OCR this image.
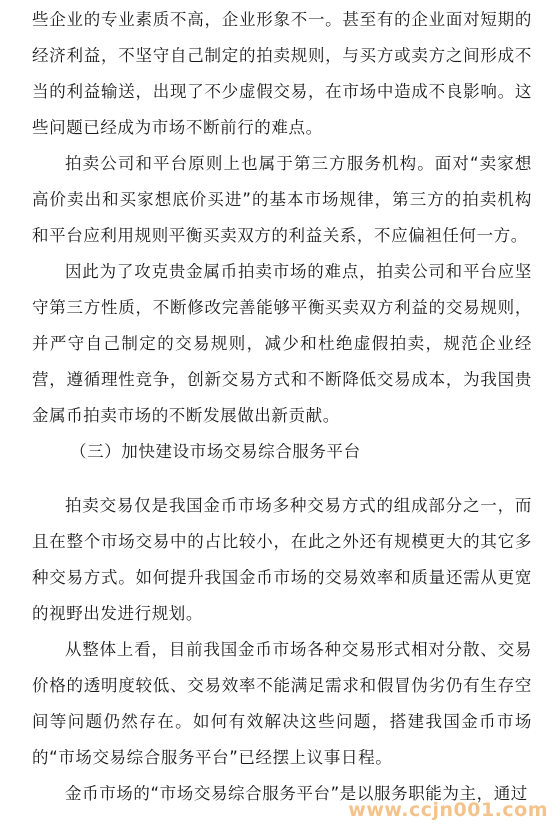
些企业的专业素质不高，企业形象不一。甚至有的企业面对短期的经济利益，不坚守自己制定的拍卖规则，与买方或卖方之间形成不当的利益输送，出现了不少虚假交易，在市场中造成不良影响。这些问题已经成为市场不断前行的难点。

拍卖公司和平台原则上也属于第三方服务机构。面对“卖家想高价卖出和买家想底价买进”的基本市场规律，第三方的拍卖机构和平台应利用规则平衡买卖双方的利益关系，不应偏袒任何一方。

因此为了攻克贵金属币拍卖市场的难点，拍卖公司和平台应坚守第三方性质，不断修改完善能够平衡买卖双方利益的交易规则，并严守自己制定的交易规则，减少和杜绝虚假拍卖，规范企业经营，遵循理性竞争，创新交易方式和不断降低交易成本，为我国贵金属币拍卖市场的不断发展做出新贡献。

（三）加快建设市场交易综合服务平台

拍卖交易仅是我国金币市场多种交易方式的组成部分之一，而且在整个市场交易中的占比较小，在此之外还有规模更大的其它多种交易方式。如何提升我国金币市场的交易效率和质量还需从更宽的视野出发进行规划。

从整体上看，目前我国金币市场各种交易形式相对分散、交易价格的透明度较低、交易效率不能满足需求和假冒伪劣仍有生存空间等问题仍然存在。如何有效解决这些问题，搭建我国金币市场的“市场交易综合服务平台”已经摆上议事日程。

金币市场的“市场交易综合服务平台”是以服务职能为主，通过

www.ccjn001.com
